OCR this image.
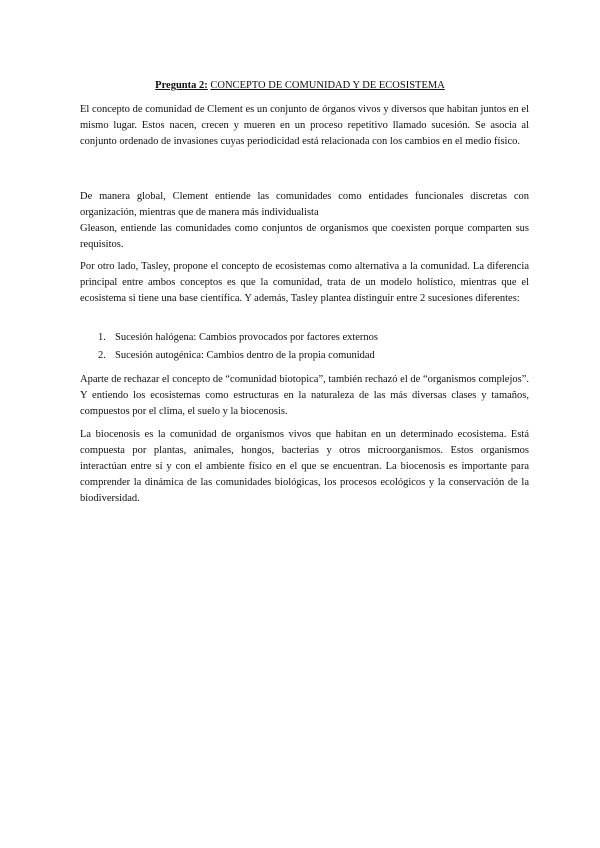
Pregunta 2: CONCEPTO DE COMUNIDAD Y DE ECOSISTEMA

El concepto de comunidad de Clement es un conjunto de órganos vivos y diversos que habitan juntos en el mismo lugar. Estos nacen, crecen y mueren en un proceso repetitivo llamado sucesión. Se asocia al conjunto ordenado de invasiones cuyas periodicidad está relacionada con los cambios en el medio físico.

De manera global, Clement entiende las comunidades como entidades funcionales discretas con organización, mientras que de manera más individualista

Gleason, entiende las comunidades como conjuntos de organismos que coexisten porque comparten sus requisitos.

Por otro lado, Tasley, propone el concepto de ecosistemas como alternativa a la comunidad. La diferencia principal entre ambos conceptos es que la comunidad, trata de un modelo holístico, mientras que el ecosistema si tiene una base científica. Y además, Tasley plantea distinguir entre 2 sucesiones diferentes:

1. Sucesión halógena: Cambios provocados por factores externos
2. Sucesión autogénica: Cambios dentro de la propia comunidad

Aparte de rechazar el concepto de “comunidad biotopica”, también rechazó el de “organismos complejos”. Y entiendo los ecosistemas como estructuras en la naturaleza de las más diversas clases y tamaños, compuestos por el clima, el suelo y la biocenosis.

La biocenosis es la comunidad de organismos vivos que habitan en un determinado ecosistema. Está compuesta por plantas, animales, hongos, bacterias y otros microorganismos. Estos organismos interactúan entre sí y con el ambiente físico en el que se encuentran. La biocenosis es importante para comprender la dinámica de las comunidades biológicas, los procesos ecológicos y la conservación de la biodiversidad.
